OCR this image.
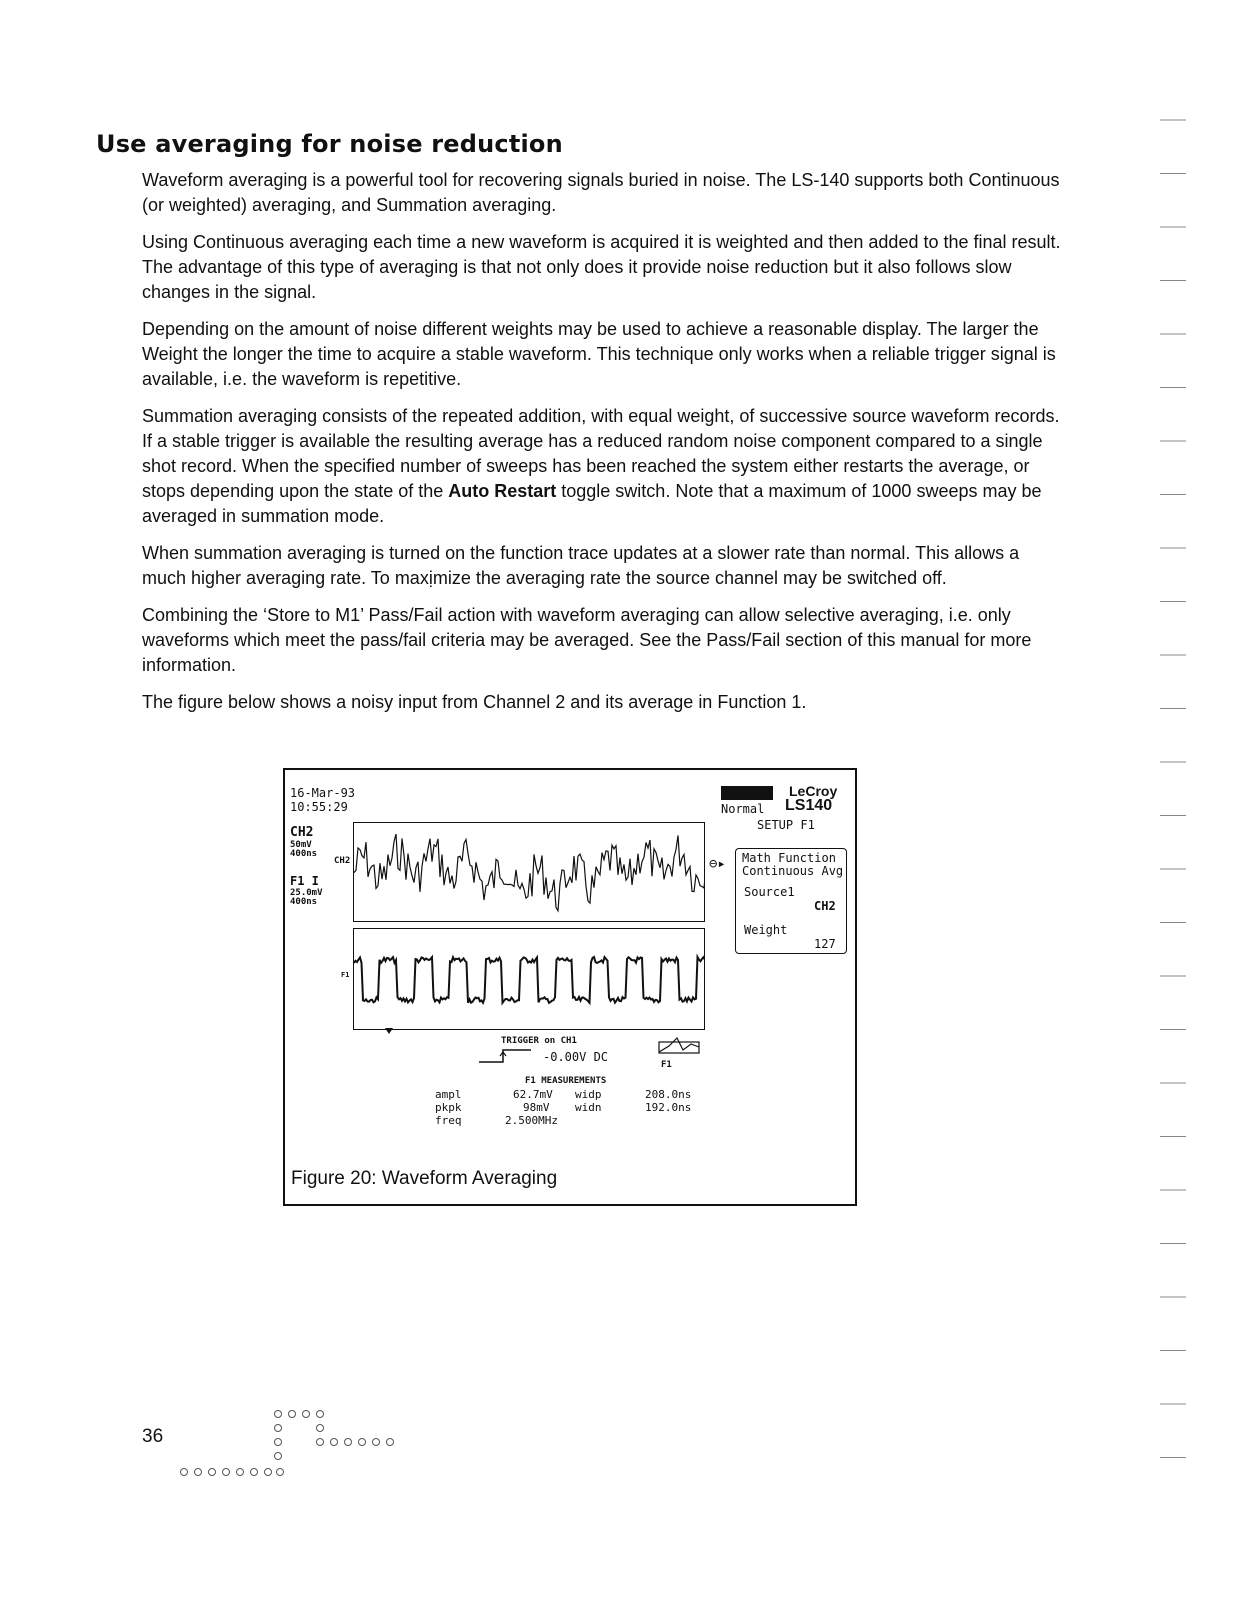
Use averaging for noise reduction

Waveform averaging is a powerful tool for recovering signals buried in noise. The LS-140 supports both Continuous (or weighted) averaging, and Summation averaging.

Using Continuous averaging each time a new waveform is acquired it is weighted and then added to the final result. The advantage of this type of averaging is that not only does it provide noise reduction but it also follows slow changes in the signal.

Depending on the amount of noise different weights may be used to achieve a reasonable display. The larger the Weight the longer the time to acquire a stable waveform. This technique only works when a reliable trigger signal is available, i.e. the waveform is repetitive.

Summation averaging consists of the repeated addition, with equal weight, of successive source waveform records. If a stable trigger is available the resulting average has a reduced random noise component compared to a single shot record. When the specified number of sweeps has been reached the system either restarts the average, or stops depending upon the state of the Auto Restart toggle switch. Note that a maximum of 1000 sweeps may be averaged in summation mode.

When summation averaging is turned on the function trace updates at a slower rate than normal. This allows a much higher averaging rate. To maxịmize the averaging rate the source channel may be switched off.

Combining the ‘Store to M1’ Pass/Fail action with waveform averaging can allow selective averaging, i.e. only waveforms which meet the pass/fail criteria may be averaged. See the Pass/Fail section of this manual for more information.

The figure below shows a noisy input from Channel 2 and its average in Function 1.

16-Mar-93
10:55:29
CH2
50mV
400ns
F1 I
25.0mV
400ns
CH2
F1
LeCroy
Normal LS140
SETUP F1
⊖▸ Math Function
Continuous Avg
Source1
CH2
Weight
127
TRIGGER on CH1
-0.00V DC
F1
F1 MEASUREMENTS
ampl	62.7mV widp	208.0ns
pkpk	98mV widn	192.0ns
freq	2.500MHz
Figure 20: Waveform Averaging
36
